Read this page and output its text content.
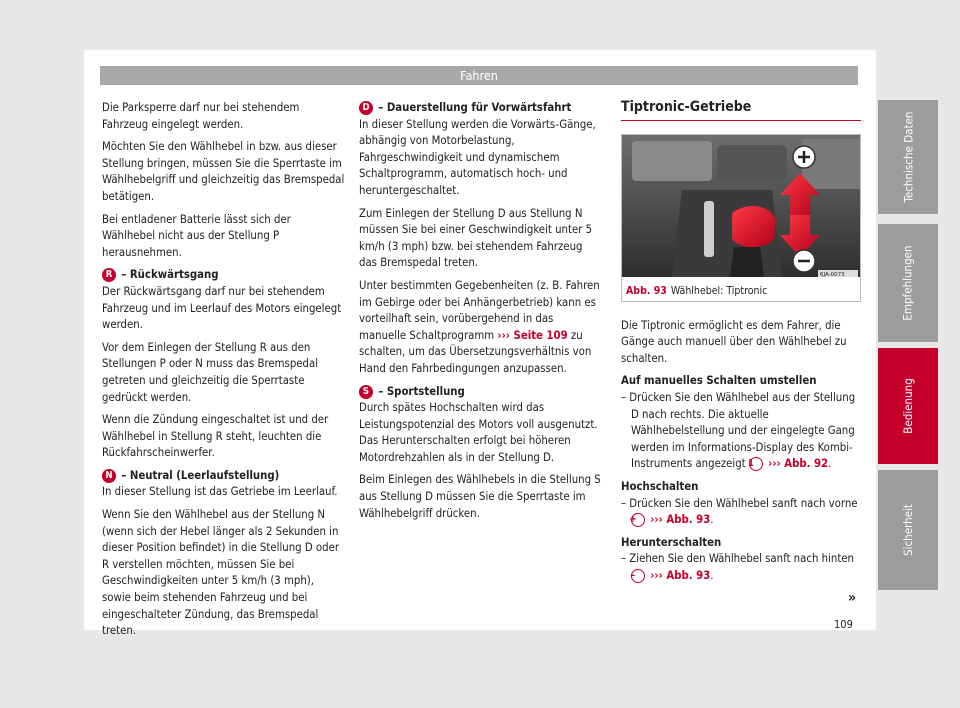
Fahren

Die Parksperre darf nur bei stehendem Fahrzeug eingelegt werden.

Möchten Sie den Wählhebel in bzw. aus dieser Stellung bringen, müssen Sie die Sperrtaste im Wählhebelgriff und gleichzeitig das Bremspedal betätigen.

Bei entladener Batterie lässt sich der Wählhebel nicht aus der Stellung P herausnehmen.

R – Rückwärtsgang

Der Rückwärtsgang darf nur bei stehendem Fahrzeug und im Leerlauf des Motors eingelegt werden.

Vor dem Einlegen der Stellung R aus den Stellungen P oder N muss das Bremspedal getreten und gleichzeitig die Sperrtaste gedrückt werden.

Wenn die Zündung eingeschaltet ist und der Wählhebel in Stellung R steht, leuchten die Rückfahrscheinwerfer.

N – Neutral (Leerlaufstellung)

In dieser Stellung ist das Getriebe im Leerlauf.

Wenn Sie den Wählhebel aus der Stellung N (wenn sich der Hebel länger als 2 Sekunden in dieser Position befindet) in die Stellung D oder R verstellen möchten, müssen Sie bei Geschwindigkeiten unter 5 km/h (3 mph), sowie beim stehenden Fahrzeug und bei eingeschalteter Zündung, das Bremspedal treten.

D – Dauerstellung für Vorwärtsfahrt

In dieser Stellung werden die Vorwärts-Gänge, abhängig von Motorbelastung, Fahrgeschwindigkeit und dynamischem Schaltprogramm, automatisch hoch- und heruntergeschaltet.

Zum Einlegen der Stellung D aus Stellung N müssen Sie bei einer Geschwindigkeit unter 5 km/h (3 mph) bzw. bei stehendem Fahrzeug das Bremspedal treten.

Unter bestimmten Gegebenheiten (z. B. Fahren im Gebirge oder bei Anhängerbetrieb) kann es vorteilhaft sein, vorübergehend in das manuelle Schaltprogramm ››› Seite 109 zu schalten, um das Übersetzungsverhältnis von Hand den Fahrbedingungen anzupassen.

S – Sportstellung

Durch spätes Hochschalten wird das Leistungspotenzial des Motors voll ausgenutzt. Das Herunterschalten erfolgt bei höheren Motordrehzahlen als in der Stellung D.

Beim Einlegen des Wählhebels in die Stellung S aus Stellung D müssen Sie die Sperrtaste im Wählhebelgriff drücken.

Tiptronic-Getriebe
6JA-0073
Abb. 93 Wählhebel: Tiptronic

Die Tiptronic ermöglicht es dem Fahrer, die Gänge auch manuell über den Wählhebel zu schalten.

Auf manuelles Schalten umstellen

– Drücken Sie den Wählhebel aus der Stellung D nach rechts. Die aktuelle Wählhebelstellung und der eingelegte Gang werden im Informations-Display des Kombi-Instruments angezeigt 1 ››› Abb. 92.

Hochschalten

– Drücken Sie den Wählhebel sanft nach vorne + ››› Abb. 93.

Herunterschalten

– Ziehen Sie den Wählhebel sanft nach hinten – ››› Abb. 93.

Technische Daten
Empfehlungen
Bedienung
Sicherheit
»
109
